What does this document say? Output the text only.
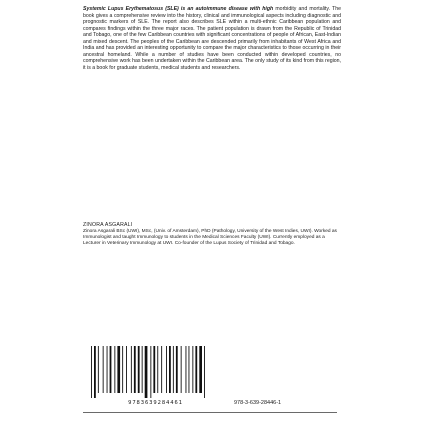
Systemic Lupus Erythematosus (SLE) is an autoimmune disease with high morbidity and mortality. The book gives a comprehensive review into the history, clinical and immunological aspects including diagnostic and prognostic markers of SLE. The report also describes SLE within a multi-ethnic Caribbean population and compares findings within the three major races. The patient population is drawn from the Republic of Trinidad and Tobago, one of the few Caribbean countries with significant concentrations of people of African, East-Indian and mixed descent. The peoples of the Caribbean are descended primarily from inhabitants of West Africa and India and has provided an interesting opportunity to compare the major characteristics to those occurring in their ancestral homeland. While a number of studies have been conducted within developed countries, no comprehensive work has been undertaken within the Caribbean area. The only study of its kind from this region, it is a book for graduate students, medical students and researchers.

ZINORA ASGARALI

Zinora Asgarali BSc (UWI), MSc, (Univ. of Amsterdam), PhD (Pathology, University of the West Indies, UWI). Worked as Immunologist and taught Immunology to students in the Medical Sciences Faculty (UWI). Currently employed as a Lecturer in Veterinary Immunology at UWI. Co-founder of the Lupus Society of Trinidad and Tobago.

9783639284461	978-3-639-28446-1
